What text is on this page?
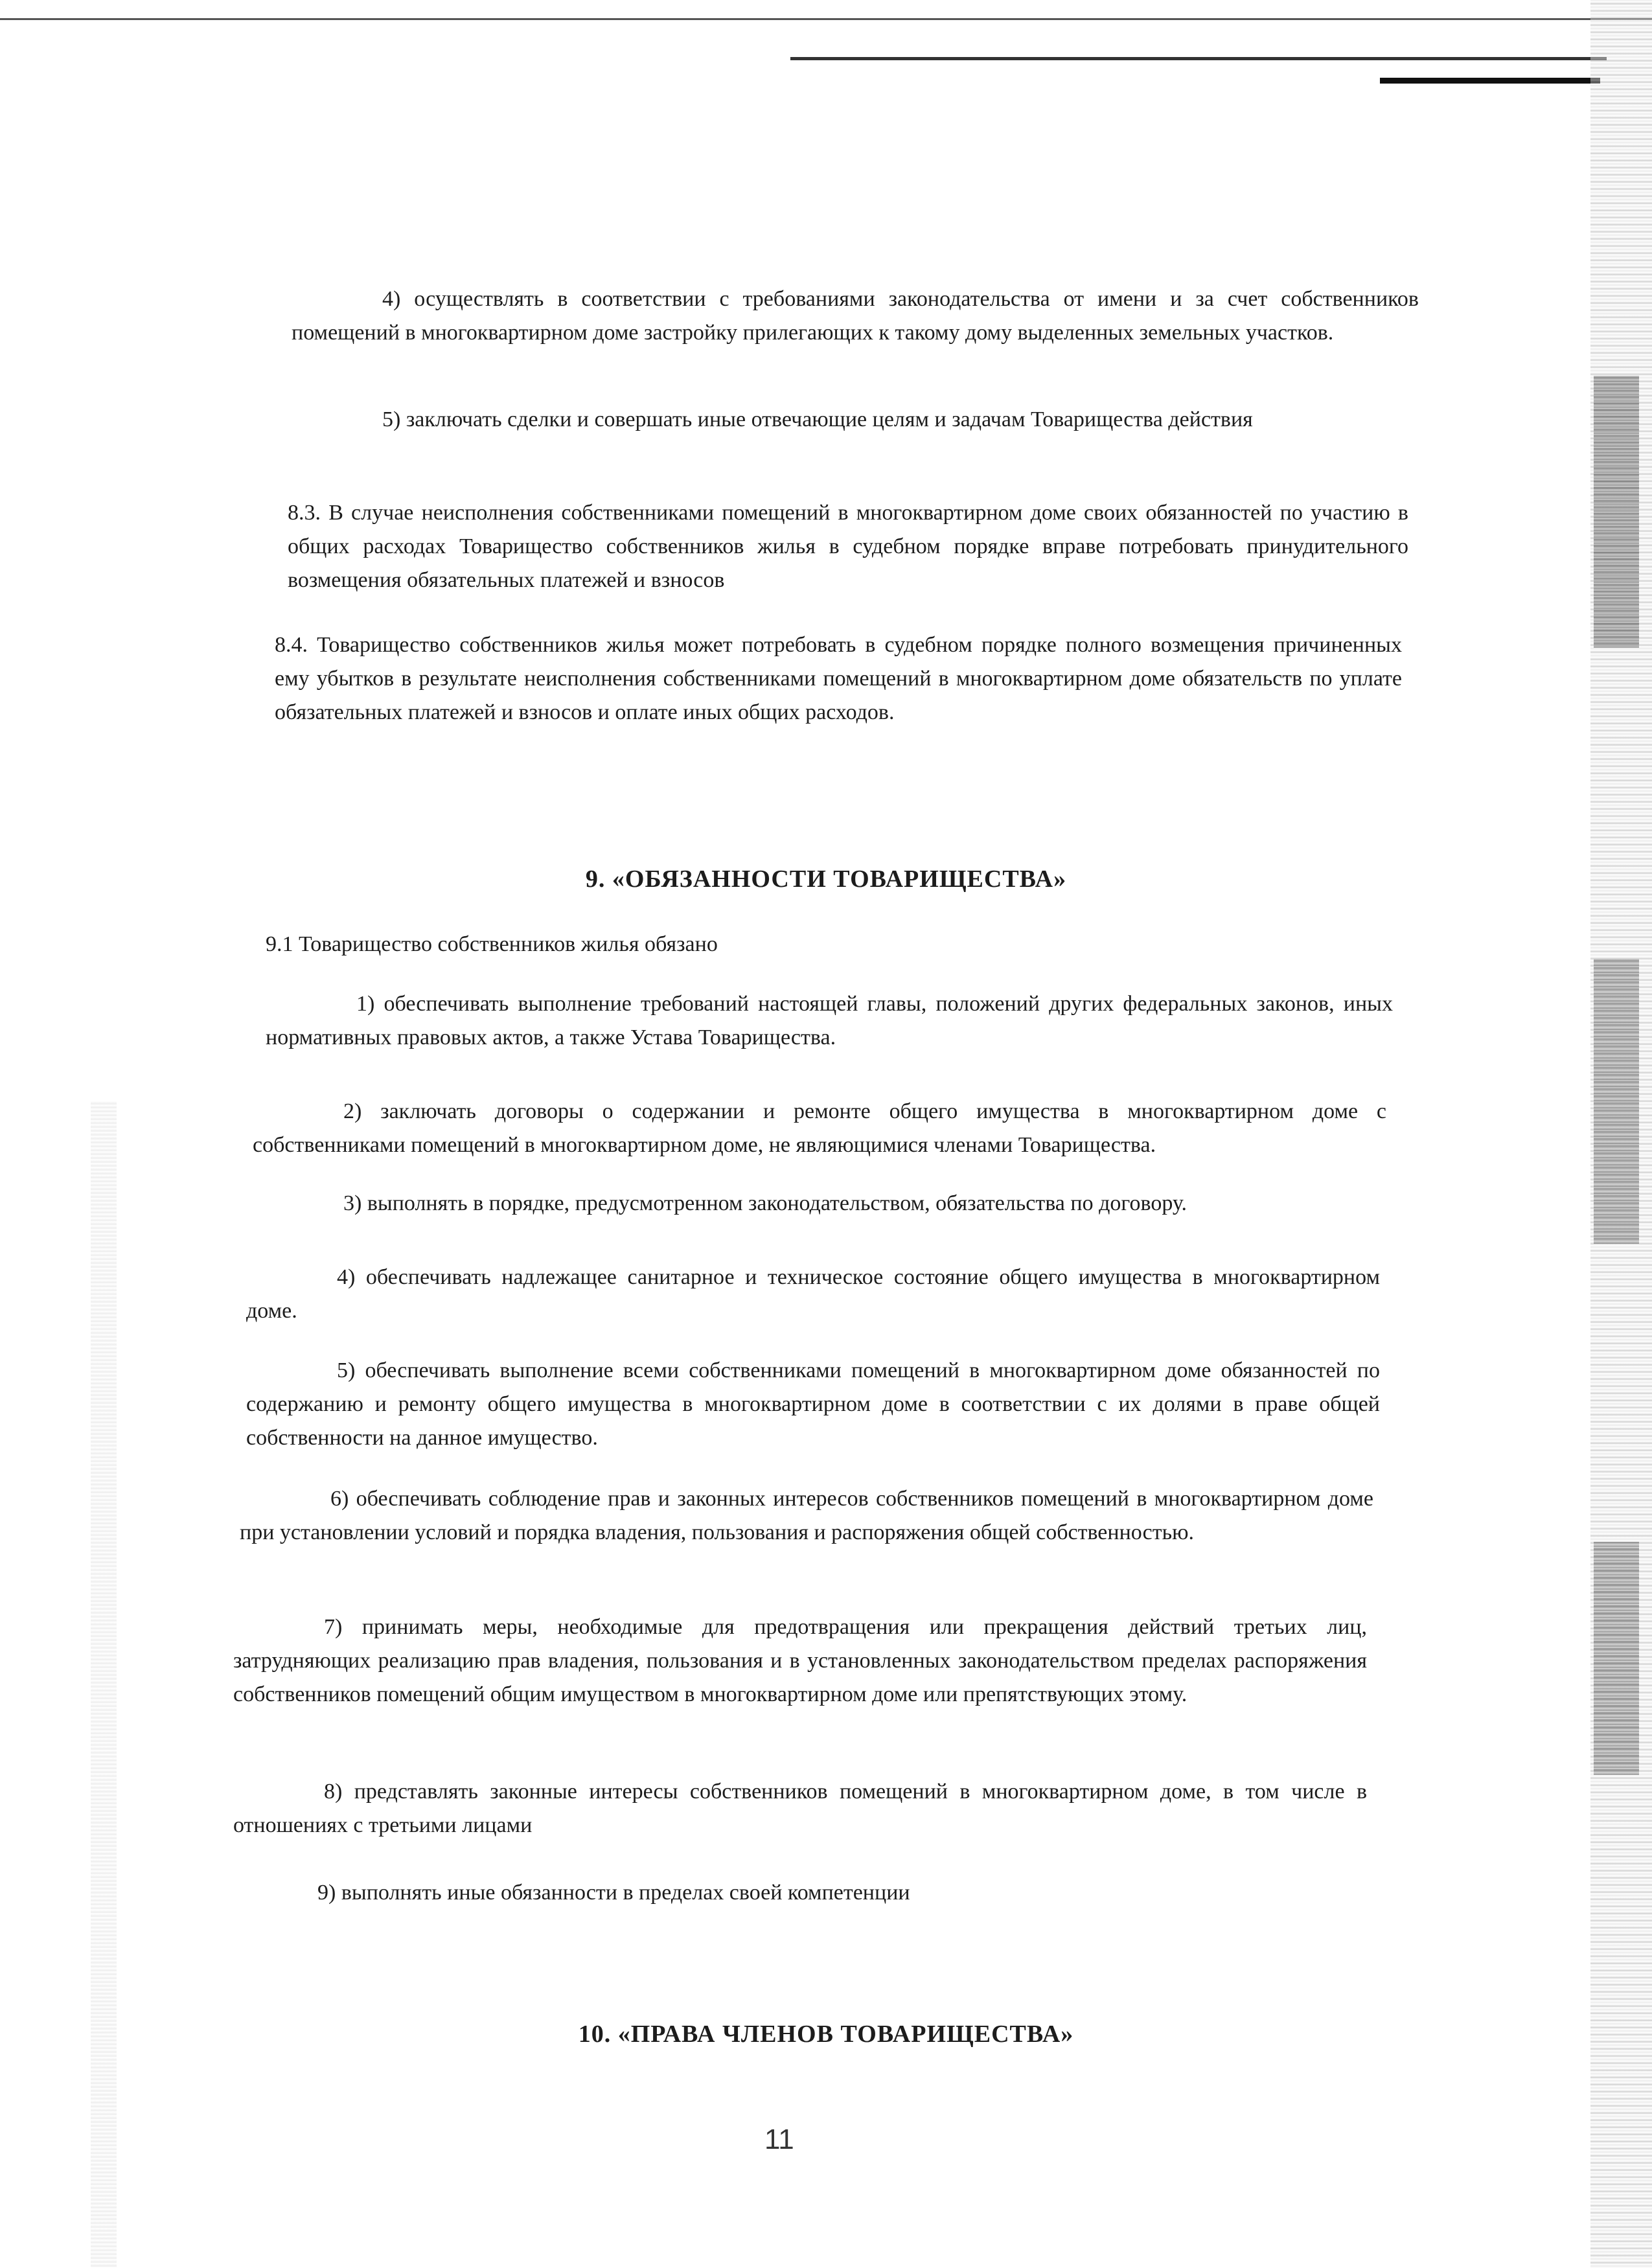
4) осуществлять в соответствии с требованиями законодательства от имени и за счет собственников помещений в многоквартирном доме застройку прилегающих к такому дому выделенных земельных участков.

5) заключать сделки и совершать иные отвечающие целям и задачам Товарищества действия

8.3. В случае неисполнения собственниками помещений в многоквартирном доме своих обязанностей по участию в общих расходах Товарищество собственников жилья в судебном порядке вправе потребовать принудительного возмещения обязательных платежей и взносов

8.4. Товарищество собственников жилья может потребовать в судебном порядке полного возмещения причиненных ему убытков в результате неисполнения собственниками помещений в многоквартирном доме обязательств по уплате обязательных платежей и взносов и оплате иных общих расходов.

9. «ОБЯЗАННОСТИ ТОВАРИЩЕСТВА»

9.1 Товарищество собственников жилья обязано

1) обеспечивать выполнение требований настоящей главы, положений других федеральных законов, иных нормативных правовых актов, а также Устава Товарищества.

2) заключать договоры о содержании и ремонте общего имущества в многоквартирном доме с собственниками помещений в многоквартирном доме, не являющимися членами Товарищества.

3) выполнять в порядке, предусмотренном законодательством, обязательства по договору.

4) обеспечивать надлежащее санитарное и техническое состояние общего имущества в многоквартирном доме.

5) обеспечивать выполнение всеми собственниками помещений в многоквартирном доме обязанностей по содержанию и ремонту общего имущества в многоквартирном доме в соответствии с их долями в праве общей собственности на данное имущество.

6) обеспечивать соблюдение прав и законных интересов собственников помещений в многоквартирном доме при установлении условий и порядка владения, пользования и распоряжения общей собственностью.

7) принимать меры, необходимые для предотвращения или прекращения действий третьих лиц, затрудняющих реализацию прав владения, пользования и в установленных законодательством пределах распоряжения собственников помещений общим имуществом в многоквартирном доме или препятствующих этому.

8) представлять законные интересы собственников помещений в многоквартирном доме, в том числе в отношениях с третьими лицами

9) выполнять иные обязанности в пределах своей компетенции

10. «ПРАВА ЧЛЕНОВ ТОВАРИЩЕСТВА»
11
